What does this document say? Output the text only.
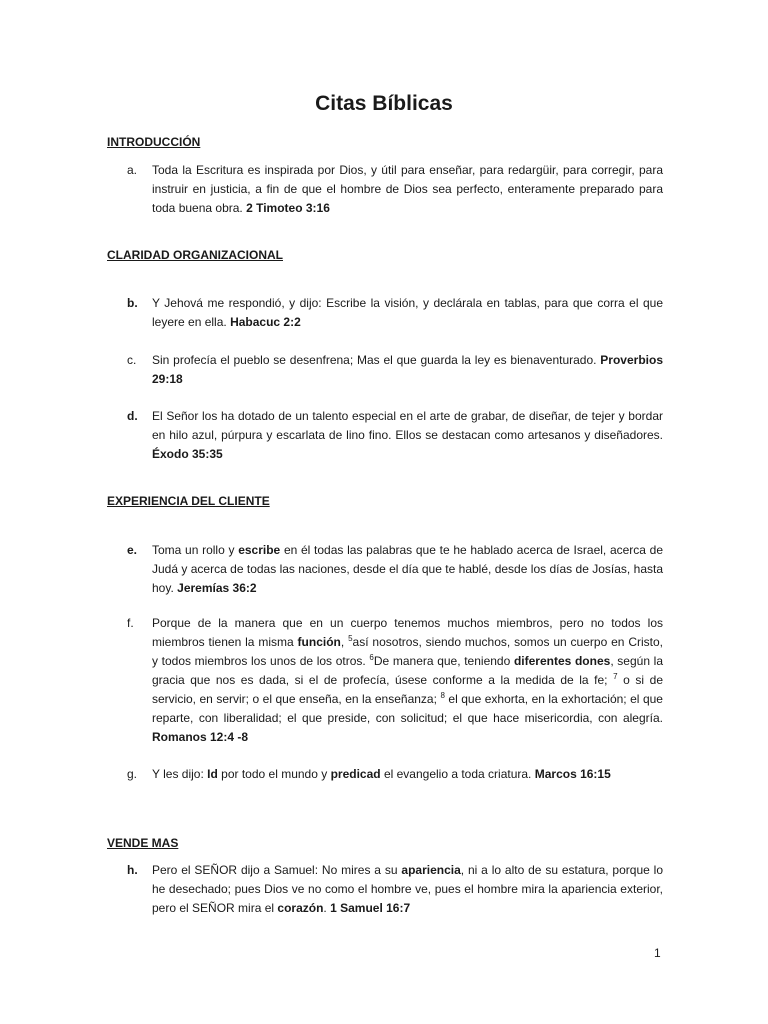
Citas Bíblicas

INTRODUCCIÓN

a.	Toda la Escritura es inspirada por Dios, y útil para enseñar, para redargüir, para corregir, para instruir en justicia, a fin de que el hombre de Dios sea perfecto, enteramente preparado para toda buena obra. 2 Timoteo 3:16

CLARIDAD ORGANIZACIONAL

b.	Y Jehová me respondió, y dijo: Escribe la visión, y declárala en tablas, para que corra el que leyere en ella. Habacuc 2:2
c.	Sin profecía el pueblo se desenfrena; Mas el que guarda la ley es bienaventurado. Proverbios 29:18
d.	El Señor los ha dotado de un talento especial en el arte de grabar, de diseñar, de tejer y bordar en hilo azul, púrpura y escarlata de lino fino. Ellos se destacan como artesanos y diseñadores. Éxodo 35:35

EXPERIENCIA DEL CLIENTE

e.	Toma un rollo y escribe en él todas las palabras que te he hablado acerca de Israel, acerca de Judá y acerca de todas las naciones, desde el día que te hablé, desde los días de Josías, hasta hoy. Jeremías 36:2
f.	Porque de la manera que en un cuerpo tenemos muchos miembros, pero no todos los miembros tienen la misma función, $^5$así nosotros, siendo muchos, somos un cuerpo en Cristo, y todos miembros los unos de los otros. $^6$De manera que, teniendo diferentes dones, según la gracia que nos es dada, si el de profecía, úsese conforme a la medida de la fe; $^7$ o si de servicio, en servir; o el que enseña, en la enseñanza; $^8$ el que exhorta, en la exhortación; el que reparte, con liberalidad; el que preside, con solicitud; el que hace misericordia, con alegría. Romanos 12:4 -8
g.	Y les dijo: Id por todo el mundo y predicad el evangelio a toda criatura. Marcos 16:15

VENDE MAS

h.	Pero el SEÑOR dijo a Samuel: No mires a su apariencia, ni a lo alto de su estatura, porque lo he desechado; pues Dios ve no como el hombre ve, pues el hombre mira la apariencia exterior, pero el SEÑOR mira el corazón. 1 Samuel 16:7
1
